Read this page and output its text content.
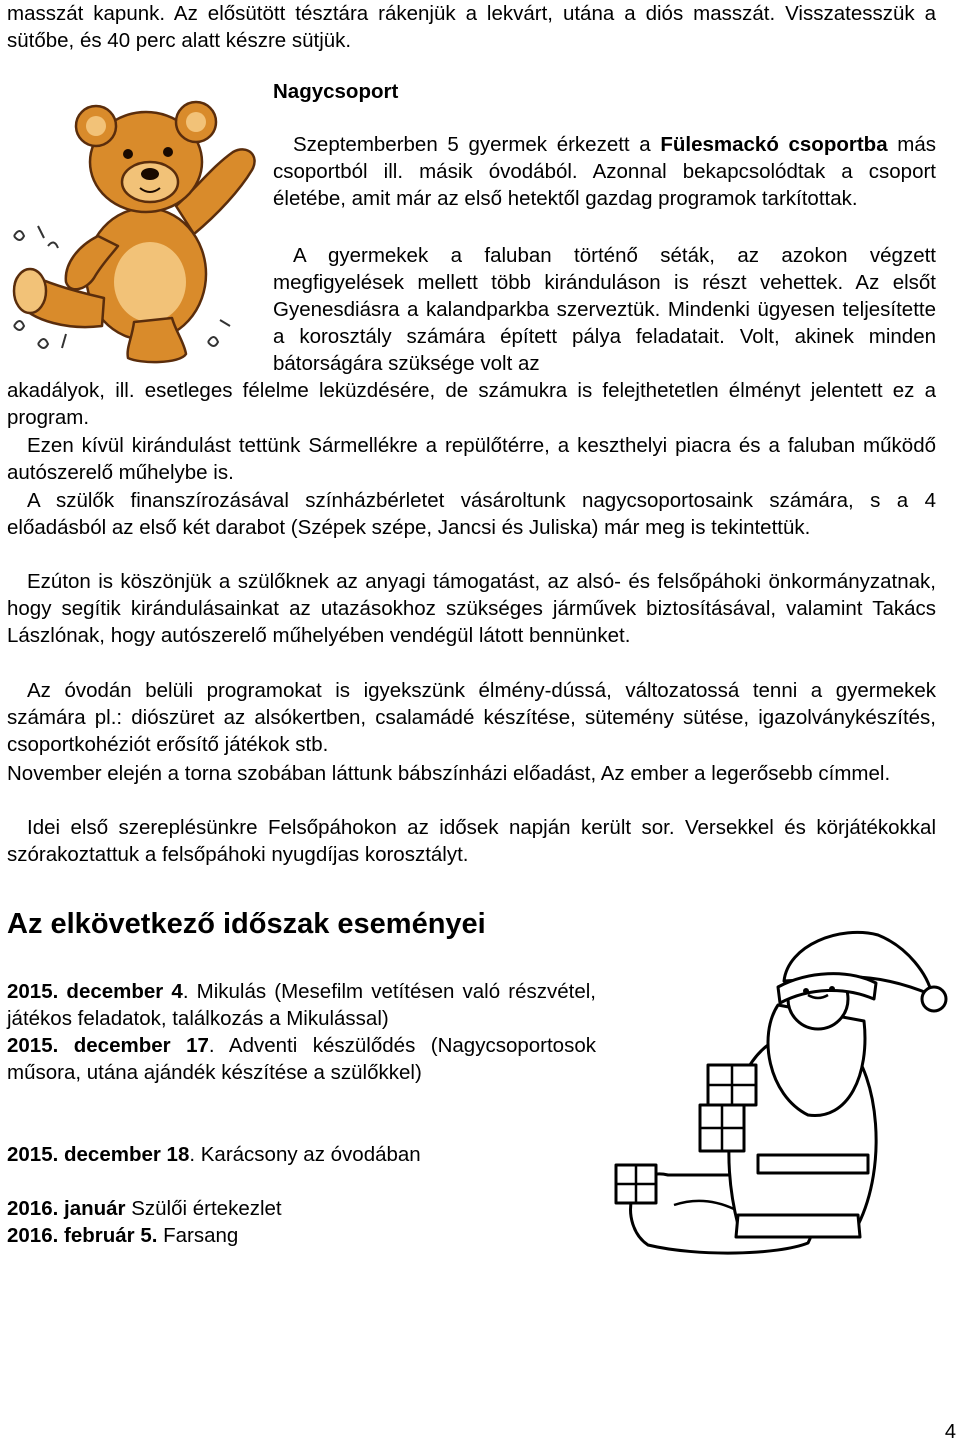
masszát kapunk. Az elősütött tésztára rákenjük a lekvárt, utána a diós masszát. Visszatesszük a sütőbe, és 40 perc alatt készre sütjük.

Nagycsoport

Szeptemberben 5 gyermek érkezett a Fülesmackó csoportba más csoportból ill. másik óvodából. Azonnal bekapcsolódtak a csoport életébe, amit már az első hetektől gazdag programok tarkítottak.

A gyermekek a faluban történő séták, az azokon végzett megfigyelések mellett több kiránduláson is részt vehettek. Az elsőt Gyenesdiásra a kalandparkba szerveztük. Mindenki ügyesen teljesítette a korosztály számára épített pálya feladatait. Volt, akinek minden bátorságára szüksége volt az

akadályok, ill. esetleges félelme leküzdésére, de számukra is felejthetetlen élményt jelentett ez a program.

Ezen kívül kirándulást tettünk Sármellékre a repülőtérre, a keszthelyi piacra és a faluban működő autószerelő műhelybe is.

A szülők finanszírozásával színházbérletet vásároltunk nagycsoportosaink számára, s a 4 előadásból az első két darabot (Szépek szépe, Jancsi és Juliska) már meg is tekintettük.

Ezúton is köszönjük a szülőknek az anyagi támogatást, az alsó- és felsőpáhoki önkormányzatnak, hogy segítik kirándulásainkat az utazásokhoz szükséges járművek biztosításával, valamint Takács Lászlónak, hogy autószerelő műhelyében vendégül látott bennünket.

Az óvodán belüli programokat is igyekszünk élmény-dússá, változatossá tenni a gyermekek számára pl.: diószüret az alsókertben, csalamádé készítése, sütemény sütése, igazolványkészítés, csoportkohéziót erősítő játékok stb.

November elején a torna szobában láttunk bábszínházi előadást, Az ember a legerősebb címmel.

Idei első szereplésünkre Felsőpáhokon az idősek napján került sor. Versekkel és körjátékokkal szórakoztattuk a felsőpáhoki nyugdíjas korosztályt.

Az elkövetkező időszak eseményei

2015. december 4. Mikulás (Mesefilm vetítésen való részvétel, játékos feladatok, találkozás a Mikulással)

2015. december 17. Adventi készülődés (Nagycsoportosok műsora, utána ajándék készítése a szülőkkel)

2015. december 18. Karácsony az óvodában

2016. január Szülői értekezlet

2016. február 5. Farsang

4
